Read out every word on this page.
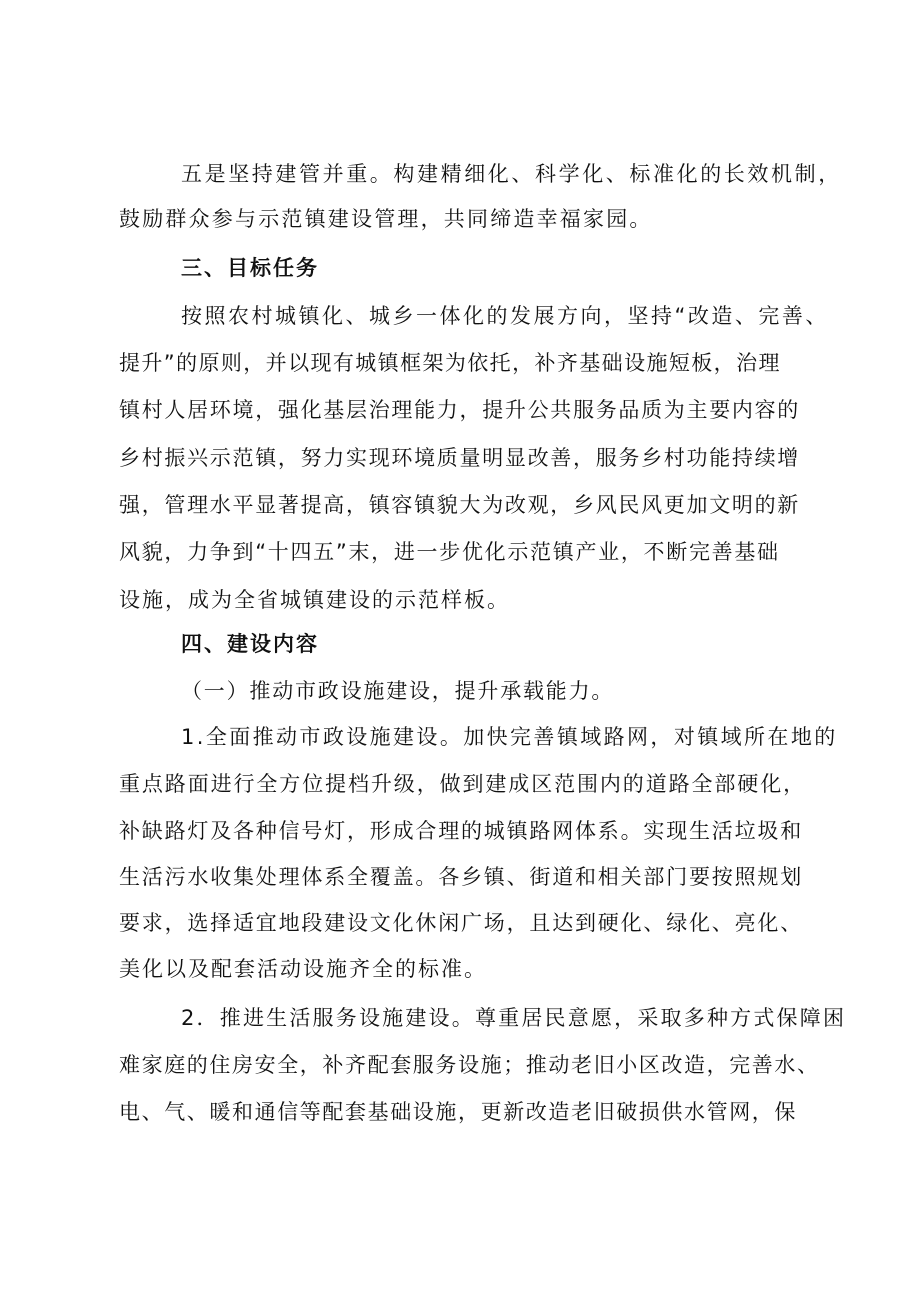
五是坚持建管并重。构建精细化、科学化、标准化的长效机制，
鼓励群众参与示范镇建设管理，共同缔造幸福家园。
三、目标任务
按照农村城镇化、城乡一体化的发展方向，坚持“改造、完善、
提升”的原则，并以现有城镇框架为依托，补齐基础设施短板，治理
镇村人居环境，强化基层治理能力，提升公共服务品质为主要内容的
乡村振兴示范镇，努力实现环境质量明显改善，服务乡村功能持续增
强，管理水平显著提高，镇容镇貌大为改观，乡风民风更加文明的新
风貌，力争到“十四五”末，进一步优化示范镇产业，不断完善基础
设施，成为全省城镇建设的示范样板。
四、建设内容
（一）推动市政设施建设，提升承载能力。
1.全面推动市政设施建设。加快完善镇域路网，对镇域所在地的
重点路面进行全方位提档升级，做到建成区范围内的道路全部硬化，
补缺路灯及各种信号灯，形成合理的城镇路网体系。实现生活垃圾和
生活污水收集处理体系全覆盖。各乡镇、街道和相关部门要按照规划
要求，选择适宜地段建设文化休闲广场，且达到硬化、绿化、亮化、
美化以及配套活动设施齐全的标准。
2．推进生活服务设施建设。尊重居民意愿，采取多种方式保障困
难家庭的住房安全，补齐配套服务设施；推动老旧小区改造，完善水、
电、气、暖和通信等配套基础设施，更新改造老旧破损供水管网，保
